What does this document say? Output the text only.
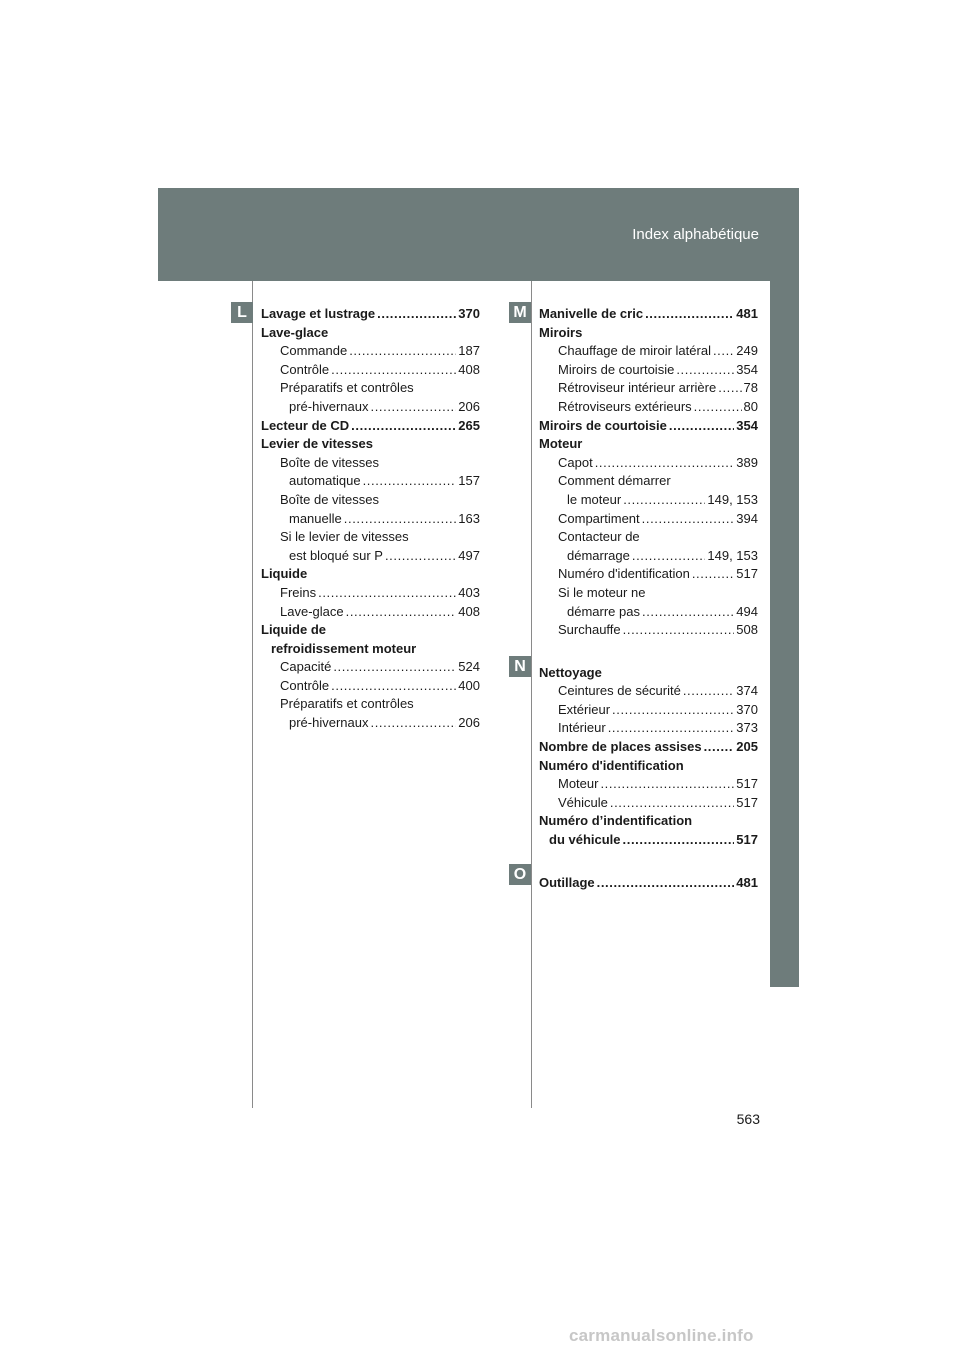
Index alphabétique
L	M
N
O
Lavage et lustrage .....	370
Lave-glace
Commande .....	187
Contrôle .....	408
Préparatifs et contrôles
pré-hivernaux .....	206
Lecteur de CD .....	265
Levier de vitesses
Boîte de vitesses
automatique .....	157
Boîte de vitesses
manuelle .....	163
Si le levier de vitesses
est bloqué sur P .....	497
Liquide
Freins .....	403
Lave-glace .....	408
Liquide de
refroidissement moteur
Capacité .....	524
Contrôle .....	400
Préparatifs et contrôles
pré-hivernaux .....	206
Manivelle de cric .....	481
Miroirs
Chauffage de miroir latéral ..... 249
Miroirs de courtoisie .....	354
Rétroviseur intérieur arrière ..... 78
Rétroviseurs extérieurs .....	80
Miroirs de courtoisie .....	354
Moteur
Capot .....	389
Comment démarrer
le moteur .....	149, 153
Compartiment .....	394
Contacteur de
démarrage .....	149, 153
Numéro d'identification .....	517
Si le moteur ne
démarre pas .....	494
Surchauffe .....	508
Nettoyage
Ceintures de sécurité .....	374
Extérieur .....	370
Intérieur .....	373
Nombre de places assises .....	205
Numéro d'identification
Moteur .....	517
Véhicule .....	517
Numéro d’indentification
du véhicule .....	517
Outillage .....	481
563
carmanualsonline.info
